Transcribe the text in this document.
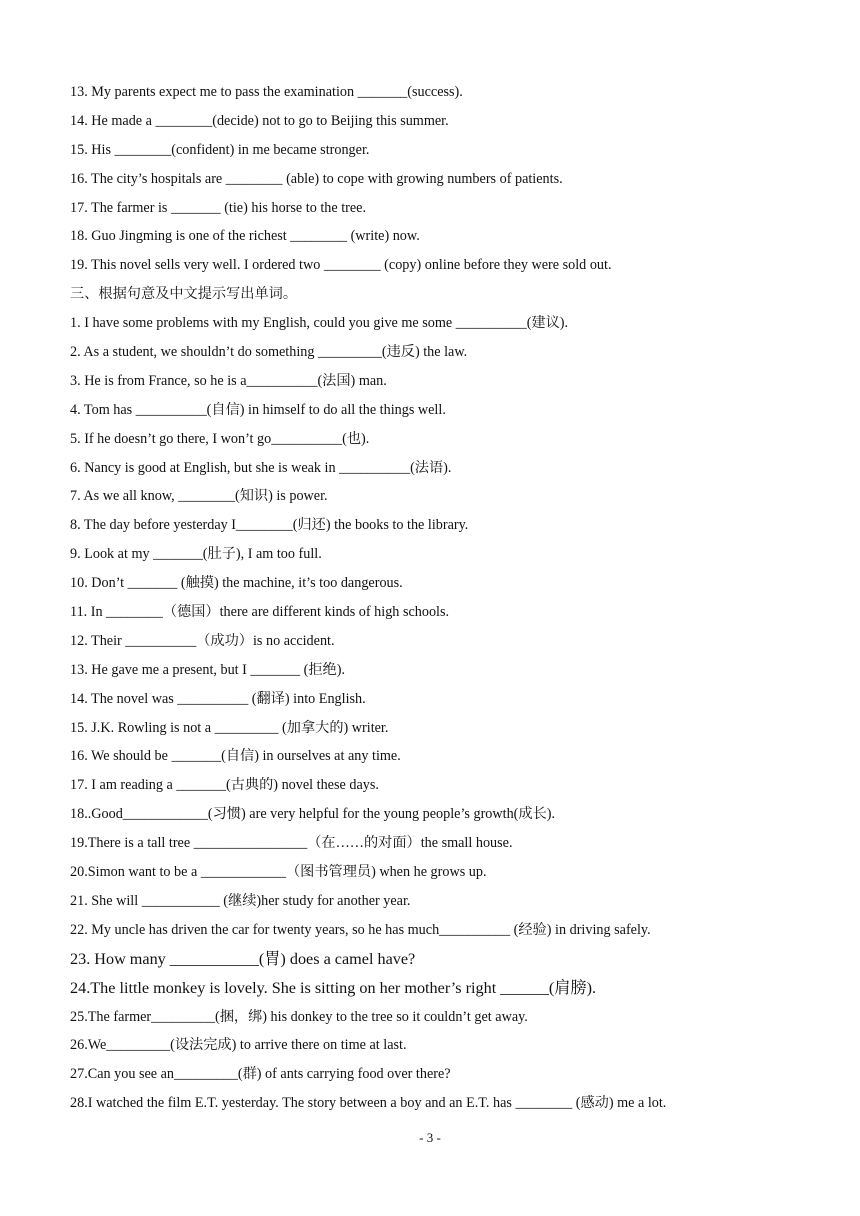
13. My parents expect me to pass the examination _______(success).
14. He made a ________(decide) not to go to Beijing this summer.
15. His ________(confident) in me became stronger.
16. The city’s hospitals are ________ (able) to cope with growing numbers of patients.
17. The farmer is _______ (tie) his horse to the tree.
18. Guo Jingming is one of the richest ________ (write) now.
19. This novel sells very well. I ordered two ________ (copy) online before they were sold out.
三、根据句意及中文提示写出单词。
1. I have some problems with my English, could you give me some __________(建议).
2. As a student, we shouldn’t do something _________(违反) the law.
3. He is from France, so he is a__________(法国) man.
4. Tom has __________(自信) in himself to do all the things well.
5. If he doesn’t go there, I won’t go__________(也).
6. Nancy is good at English, but she is weak in __________(法语).
7. As we all know, ________(知识) is power.
8. The day before yesterday I________(归还) the books to the library.
9. Look at my _______(肚子), I am too full.
10. Don’t _______ (触摸) the machine, it’s too dangerous.
11. In ________（德国）there are different kinds of high schools.
12. Their __________（成功）is no accident.
13. He gave me a present, but I _______ (拒绝).
14. The novel was __________ (翻译) into English.
15. J.K. Rowling is not a _________ (加拿大的) writer.
16. We should be _______(自信) in ourselves at any time.
17. I am reading a _______(古典的) novel these days.
18..Good____________(习惯) are very helpful for the young people’s growth(成长).
19.There is a tall tree ________________（在……的对面）the small house.
20.Simon want to be a ____________（图书管理员) when he grows up.
21. She will ___________ (继续)her study for another year.
22. My uncle has driven the car for twenty years, so he has much__________ (经验) in driving safely.
23. How many ___________(胃) does a camel have?
24.The little monkey is lovely. She is sitting on her mother’s right ______(肩膀).
25.The farmer_________(捆，绑) his donkey to the tree so it couldn’t get away.
26.We_________(设法完成) to arrive there on time at last.
27.Can you see an_________(群) of ants carrying food over there?
28.I watched the film E.T. yesterday. The story between a boy and an E.T. has ________ (感动) me a lot.
- 3 -
